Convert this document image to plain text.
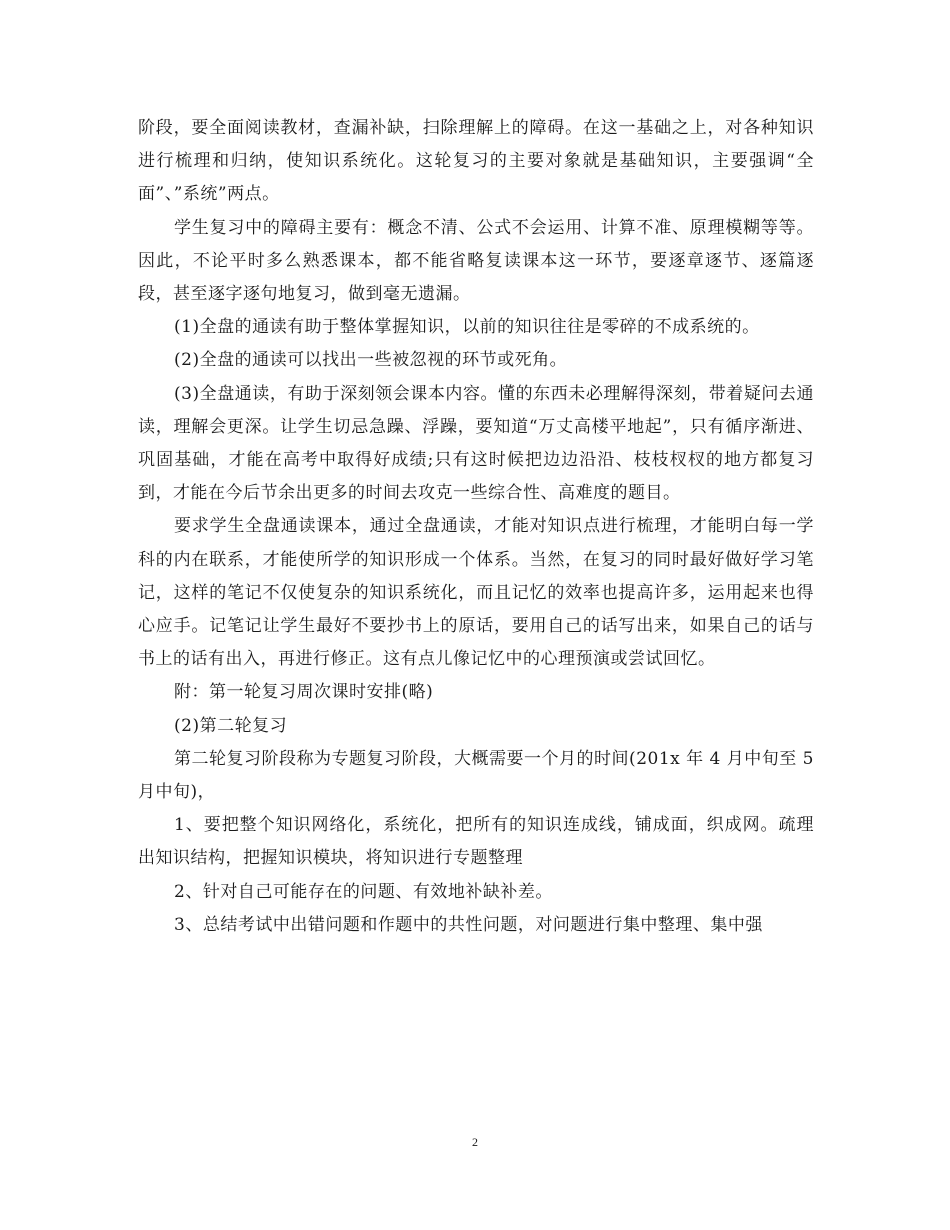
阶段，要全面阅读教材，查漏补缺，扫除理解上的障碍。在这一基础之上，对各种知识进行梳理和归纳，使知识系统化。这轮复习的主要对象就是基础知识，主要强调“全面”、”系统”两点。

学生复习中的障碍主要有：概念不清、公式不会运用、计算不准、原理模糊等等。因此，不论平时多么熟悉课本，都不能省略复读课本这一环节，要逐章逐节、逐篇逐段，甚至逐字逐句地复习，做到毫无遗漏。

(1)全盘的通读有助于整体掌握知识，以前的知识往往是零碎的不成系统的。

(2)全盘的通读可以找出一些被忽视的环节或死角。

(3)全盘通读，有助于深刻领会课本内容。懂的东西未必理解得深刻，带着疑问去通读，理解会更深。让学生切忌急躁、浮躁，要知道“万丈高楼平地起”，只有循序渐进、巩固基础，才能在高考中取得好成绩;只有这时候把边边沿沿、枝枝杈杈的地方都复习到，才能在今后节余出更多的时间去攻克一些综合性、高难度的题目。

要求学生全盘通读课本，通过全盘通读，才能对知识点进行梳理，才能明白每一学科的内在联系，才能使所学的知识形成一个体系。当然，在复习的同时最好做好学习笔记，这样的笔记不仅使复杂的知识系统化，而且记忆的效率也提高许多，运用起来也得心应手。记笔记让学生最好不要抄书上的原话，要用自己的话写出来，如果自己的话与书上的话有出入，再进行修正。这有点儿像记忆中的心理预演或尝试回忆。

附：第一轮复习周次课时安排(略)

(2)第二轮复习

第二轮复习阶段称为专题复习阶段，大概需要一个月的时间(201x 年 4 月中旬至 5 月中旬)，

1、要把整个知识网络化，系统化，把所有的知识连成线，铺成面，织成网。疏理出知识结构，把握知识模块，将知识进行专题整理

2、针对自己可能存在的问题、有效地补缺补差。

3、总结考试中出错问题和作题中的共性问题，对问题进行集中整理、集中强

2
